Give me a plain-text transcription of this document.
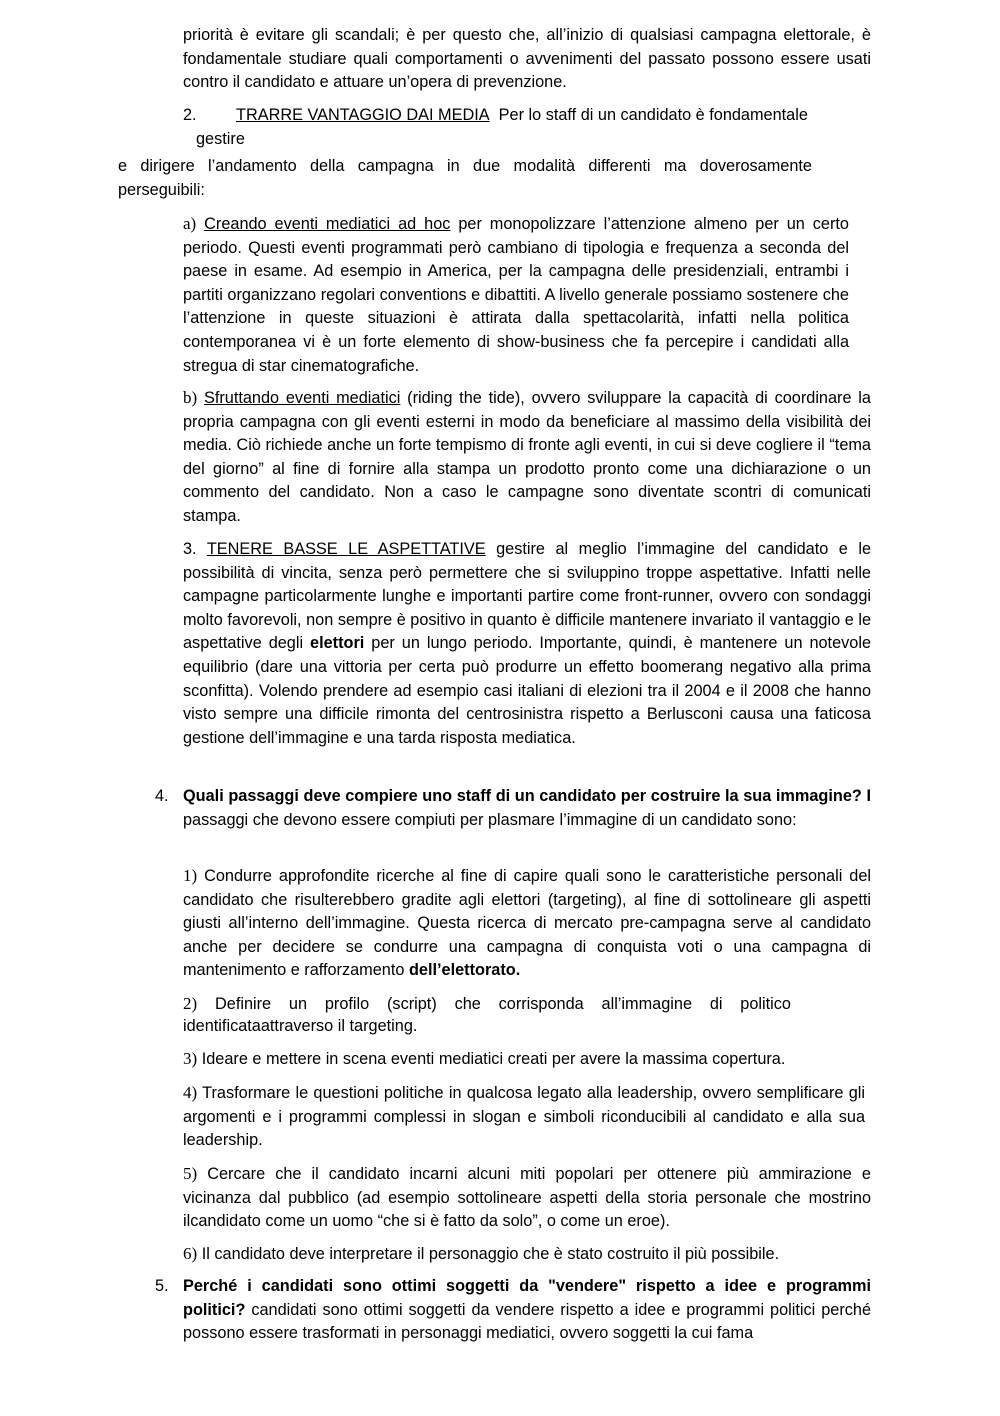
priorità è evitare gli scandali; è per questo che, all’inizio di qualsiasi campagna elettorale, è fondamentale studiare quali comportamenti o avvenimenti del passato possono essere usati contro il candidato e attuare un’opera di prevenzione.

2. TRARRE VANTAGGIO DAI MEDIA Per lo staff di un candidato è fondamentale
gestire

e dirigere l’andamento della campagna in due modalità differenti ma doverosamente perseguibili:

a) Creando eventi mediatici ad hoc per monopolizzare l’attenzione almeno per un certo periodo. Questi eventi programmati però cambiano di tipologia e frequenza a seconda del paese in esame. Ad esempio in America, per la campagna delle presidenziali, entrambi i partiti organizzano regolari conventions e dibattiti. A livello generale possiamo sostenere che l’attenzione in queste situazioni è attirata dalla spettacolarità, infatti nella politica contemporanea vi è un forte elemento di show-business che fa percepire i candidati alla stregua di star cinematografiche.

b) Sfruttando eventi mediatici (riding the tide), ovvero sviluppare la capacità di coordinare la propria campagna con gli eventi esterni in modo da beneficiare al massimo della visibilità dei media. Ciò richiede anche un forte tempismo di fronte agli eventi, in cui si deve cogliere il “tema del giorno” al fine di fornire alla stampa un prodotto pronto come una dichiarazione o un commento del candidato. Non a caso le campagne sono diventate scontri di comunicati stampa.

3. TENERE BASSE LE ASPETTATIVE gestire al meglio l’immagine del candidato e le possibilità di vincita, senza però permettere che si sviluppino troppe aspettative. Infatti nelle campagne particolarmente lunghe e importanti partire come front-runner, ovvero con sondaggi molto favorevoli, non sempre è positivo in quanto è difficile mantenere invariato il vantaggio e le aspettative degli elettori per un lungo periodo. Importante, quindi, è mantenere un notevole equilibrio (dare una vittoria per certa può produrre un effetto boomerang negativo alla prima sconfitta). Volendo prendere ad esempio casi italiani di elezioni tra il 2004 e il 2008 che hanno visto sempre una difficile rimonta del centrosinistra rispetto a Berlusconi causa una faticosa gestione dell’immagine e una tarda risposta mediatica.

4. Quali passaggi deve compiere uno staff di un candidato per costruire la sua immagine? I passaggi che devono essere compiuti per plasmare l’immagine di un candidato sono:

1) Condurre approfondite ricerche al fine di capire quali sono le caratteristiche personali del candidato che risulterebbero gradite agli elettori (targeting), al fine di sottolineare gli aspetti giusti all’interno dell’immagine. Questa ricerca di mercato pre-campagna serve al candidato anche per decidere se condurre una campagna di conquista voti o una campagna di mantenimento e rafforzamento dell’elettorato.

2) Definire un profilo (script) che corrisponda all’immagine di politico
identificataattraverso il targeting.

3) Ideare e mettere in scena eventi mediatici creati per avere la massima copertura.

4) Trasformare le questioni politiche in qualcosa legato alla leadership, ovvero semplificare gli argomenti e i programmi complessi in slogan e simboli riconducibili al candidato e alla sua leadership.

5) Cercare che il candidato incarni alcuni miti popolari per ottenere più ammirazione e vicinanza dal pubblico (ad esempio sottolineare aspetti della storia personale che mostrino ilcandidato come un uomo “che si è fatto da solo”, o come un eroe).

6) Il candidato deve interpretare il personaggio che è stato costruito il più possibile.

5. Perché i candidati sono ottimi soggetti da "vendere" rispetto a idee e programmi politici? candidati sono ottimi soggetti da vendere rispetto a idee e programmi politici perché possono essere trasformati in personaggi mediatici, ovvero soggetti la cui fama
